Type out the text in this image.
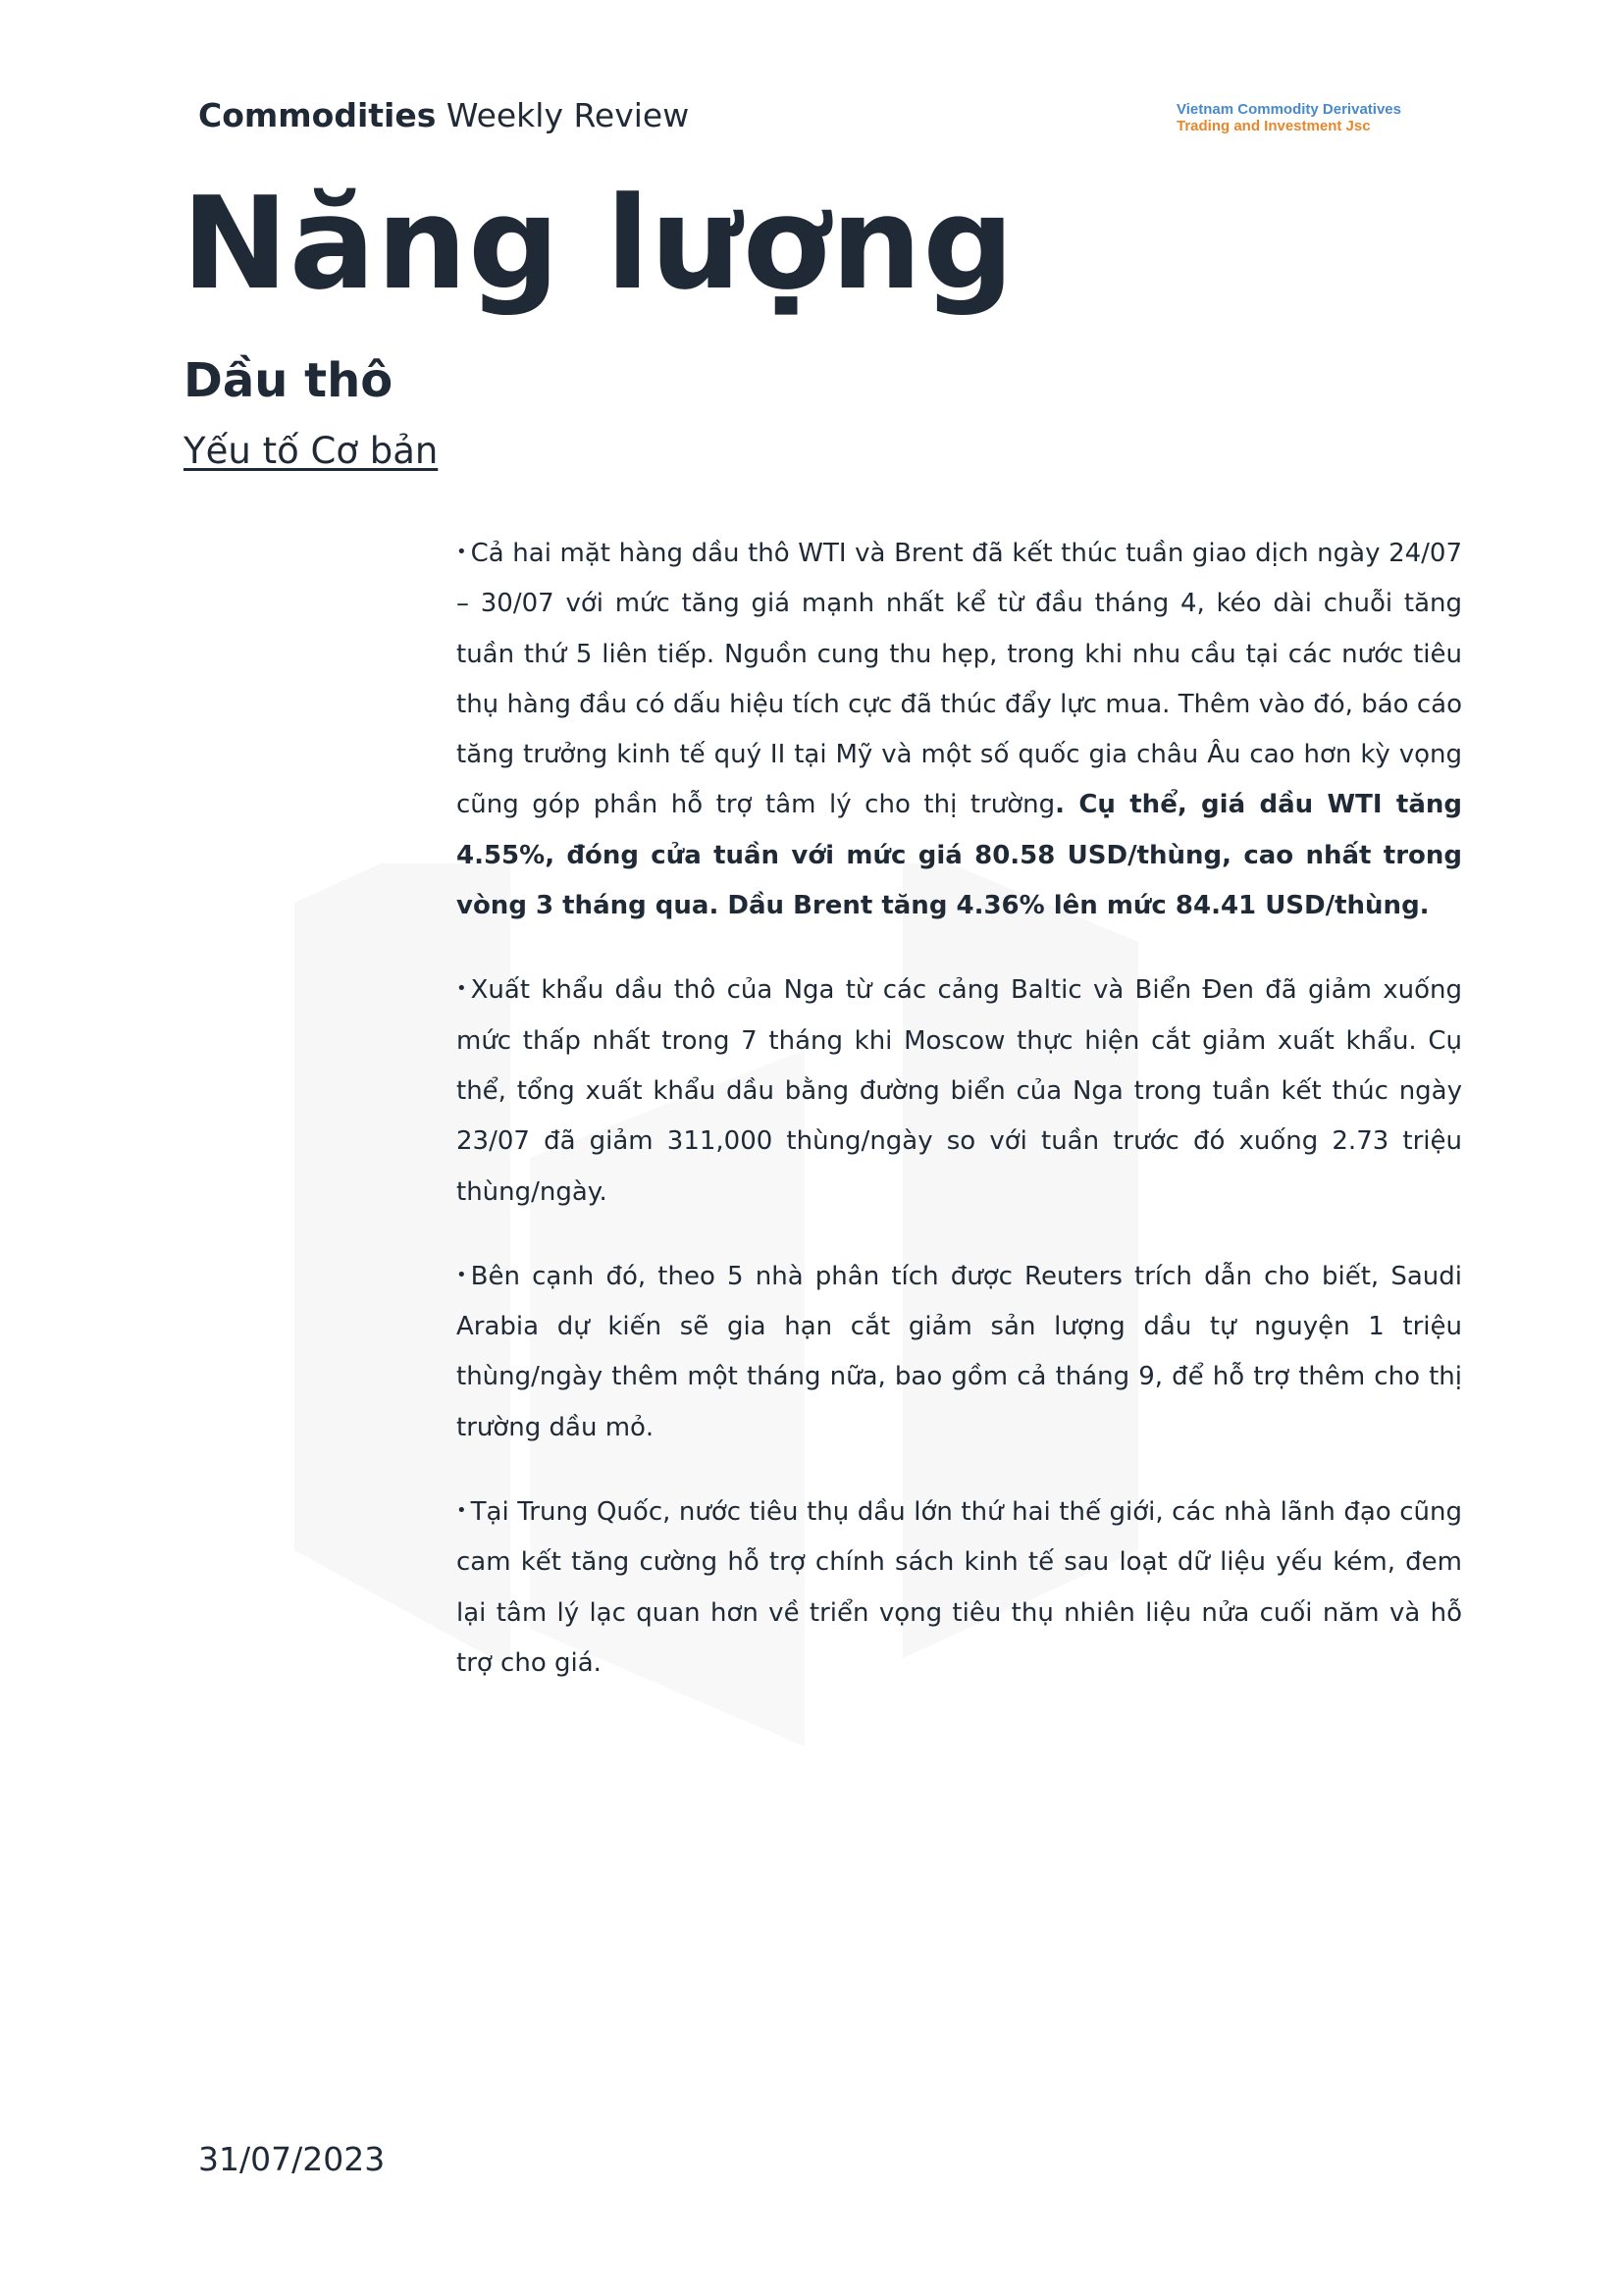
Commodities Weekly Review	Vietnam Commodity Derivatives
Trading and Investment Jsc
Năng lượng
Dầu thô
Yếu tố Cơ bản

• Cả hai mặt hàng dầu thô WTI và Brent đã kết thúc tuần giao dịch ngày 24/07 – 30/07 với mức tăng giá mạnh nhất kể từ đầu tháng 4, kéo dài chuỗi tăng tuần thứ 5 liên tiếp. Nguồn cung thu hẹp, trong khi nhu cầu tại các nước tiêu thụ hàng đầu có dấu hiệu tích cực đã thúc đẩy lực mua. Thêm vào đó, báo cáo tăng trưởng kinh tế quý II tại Mỹ và một số quốc gia châu Âu cao hơn kỳ vọng cũng góp phần hỗ trợ tâm lý cho thị trường. Cụ thể, giá dầu WTI tăng 4.55%, đóng cửa tuần với mức giá 80.58 USD/thùng, cao nhất trong vòng 3 tháng qua. Dầu Brent tăng 4.36% lên mức 84.41 USD/thùng.

• Xuất khẩu dầu thô của Nga từ các cảng Baltic và Biển Đen đã giảm xuống mức thấp nhất trong 7 tháng khi Moscow thực hiện cắt giảm xuất khẩu. Cụ thể, tổng xuất khẩu dầu bằng đường biển của Nga trong tuần kết thúc ngày 23/07 đã giảm 311,000 thùng/ngày so với tuần trước đó xuống 2.73 triệu thùng/ngày.

• Bên cạnh đó, theo 5 nhà phân tích được Reuters trích dẫn cho biết, Saudi Arabia dự kiến sẽ gia hạn cắt giảm sản lượng dầu tự nguyện 1 triệu thùng/ngày thêm một tháng nữa, bao gồm cả tháng 9, để hỗ trợ thêm cho thị trường dầu mỏ.

• Tại Trung Quốc, nước tiêu thụ dầu lớn thứ hai thế giới, các nhà lãnh đạo cũng cam kết tăng cường hỗ trợ chính sách kinh tế sau loạt dữ liệu yếu kém, đem lại tâm lý lạc quan hơn về triển vọng tiêu thụ nhiên liệu nửa cuối năm và hỗ trợ cho giá.

31/07/2023
